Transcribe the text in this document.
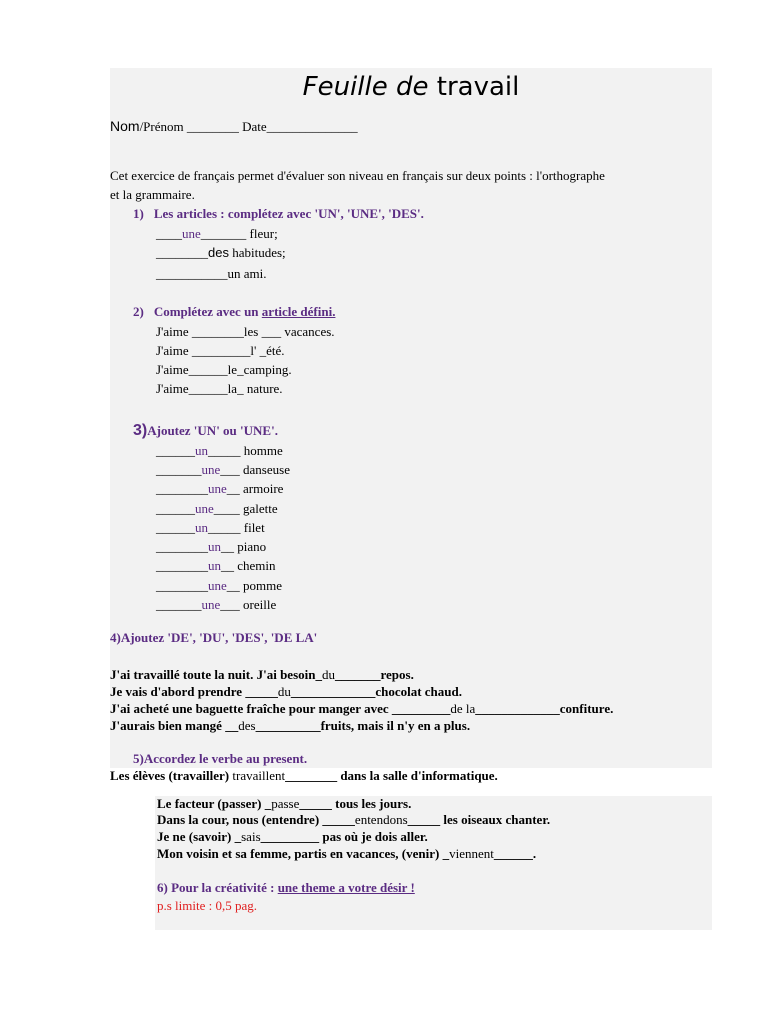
Feuille de travail
Nom/Prénom ________ Date______________
Cet exercice de français permet d'évaluer son niveau en français sur deux points : l'orthographe
et la grammaire.
1) Les articles : complétez avec 'UN', 'UNE', 'DES'.
____une_______ fleur;
________des habitudes;
___________un ami.
2) Complétez avec un article défini.
J'aime ________les ___ vacances.
J'aime _________l' _été.
J'aime______le_camping.
J'aime______la_ nature.
3)Ajoutez 'UN' ou 'UNE'.
______un_____ homme
_______une___ danseuse
________une__ armoire
______une____ galette
______un_____ filet
________un__ piano
________un__ chemin
________une__ pomme
_______une___ oreille
4)Ajoutez 'DE', 'DU', 'DES', 'DE LA'
J'ai travaillé toute la nuit. J'ai besoin_du_______repos.
Je vais d'abord prendre _____du_____________chocolat chaud.
J'ai acheté une baguette fraîche pour manger avec _________de la_____________confiture.
J'aurais bien mangé __des__________fruits, mais il n'y en a plus.
5)Accordez le verbe au present.
Les élèves (travailler) travaillent________ dans la salle d'informatique.
Le facteur (passer) _passe_____ tous les jours.
Dans la cour, nous (entendre) _____entendons_____ les oiseaux chanter.
Je ne (savoir) _sais_________ pas où je dois aller.
Mon voisin et sa femme, partis en vacances, (venir) _viennent______.
6) Pour la créativité : une theme a votre désir !
p.s limite : 0,5 pag.
